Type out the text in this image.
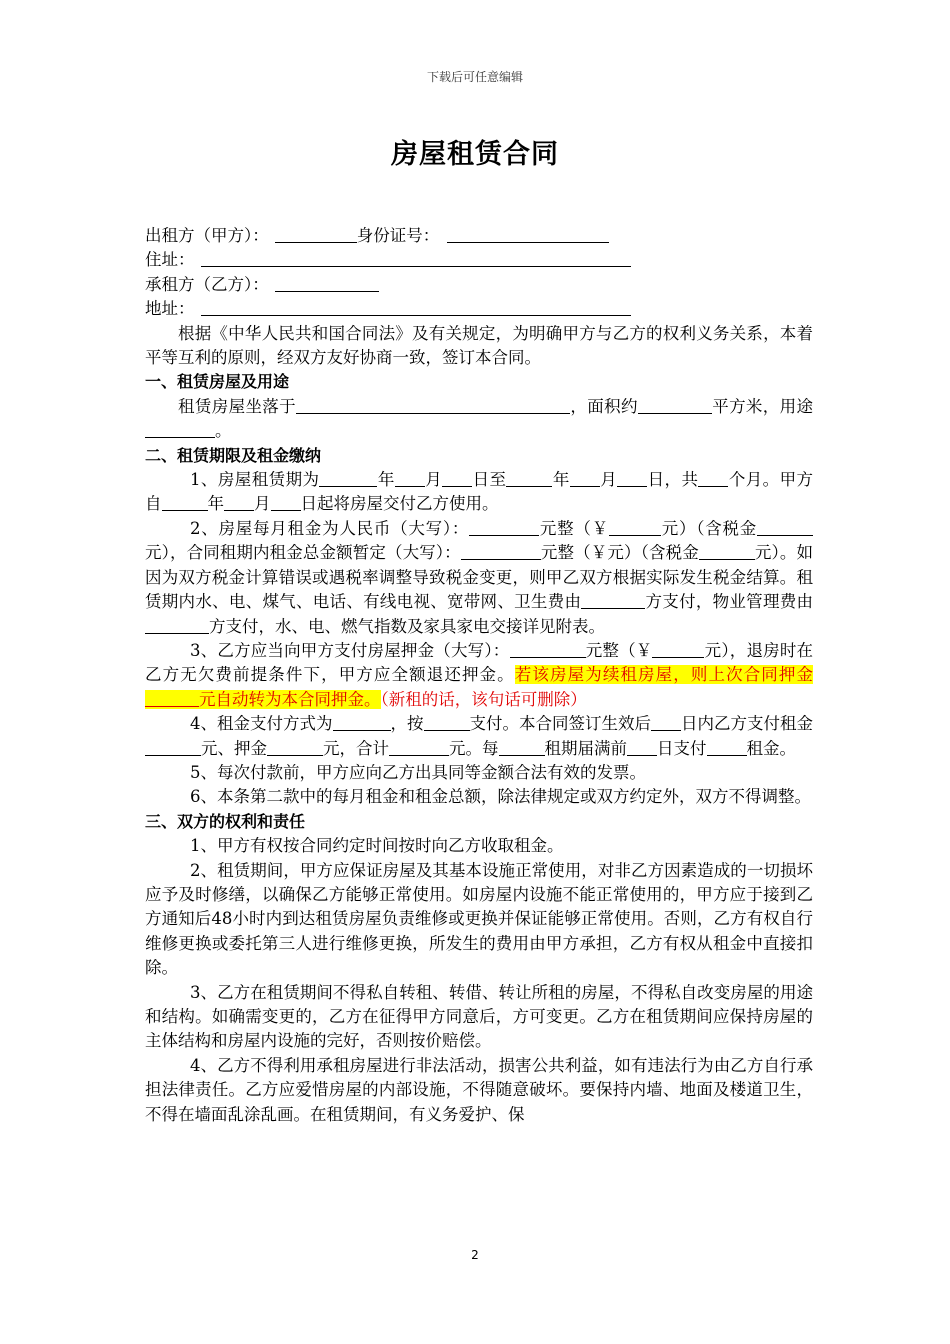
下载后可任意编辑
房屋租赁合同
出租方（甲方）：	身份证号：
住址：
承租方（乙方）：
地址：

根据《中华人民共和国合同法》及有关规定，为明确甲方与乙方的权利义务关系，本着平等互利的原则，经双方友好协商一致，签订本合同。

一、租赁房屋及用途

租赁房屋坐落于	，面积约	平方米，用途。

二、租赁期限及租金缴纳

1、房屋租赁期为	年 月 日至	年 月 日，共 个月。甲方自	年 月 日起将房屋交付乙方使用。

2、房屋每月租金为人民币（大写）：	元整（￥	元）（含税金元），合同租期内租金总金额暂定（大写）：	元整（￥元）（含税金	元）。如因为双方税金计算错误或遇税率调整导致税金变更，则甲乙双方根据实际发生税金结算。租赁期内水、电、煤气、电话、有线电视、宽带网、卫生费由	方支付，物业管理费由方支付，水、电、燃气指数及家具家电交接详见附表。

3、乙方应当向甲方支付房屋押金（大写）：	元整（￥	元），退房时在乙方无欠费前提条件下，甲方应全额退还押金。若该房屋为续租房屋，则上次合同押金元自动转为本合同押金。（新租的话，该句话可删除）

4、租金支付方式为	，按	支付。本合同签订生效后 日内乙方支付租金元、押金	元，合计	元。每	租期届满前 日支付 租金。

5、每次付款前，甲方应向乙方出具同等金额合法有效的发票。

6、本条第二款中的每月租金和租金总额，除法律规定或双方约定外，双方不得调整。

三、双方的权利和责任

1、甲方有权按合同约定时间按时向乙方收取租金。

2、租赁期间，甲方应保证房屋及其基本设施正常使用，对非乙方因素造成的一切损坏应予及时修缮，以确保乙方能够正常使用。如房屋内设施不能正常使用的，甲方应于接到乙方通知后48小时内到达租赁房屋负责维修或更换并保证能够正常使用。否则，乙方有权自行维修更换或委托第三人进行维修更换，所发生的费用由甲方承担，乙方有权从租金中直接扣除。

3、乙方在租赁期间不得私自转租、转借、转让所租的房屋，不得私自改变房屋的用途和结构。如确需变更的，乙方在征得甲方同意后，方可变更。乙方在租赁期间应保持房屋的主体结构和房屋内设施的完好，否则按价赔偿。

4、乙方不得利用承租房屋进行非法活动，损害公共利益，如有违法行为由乙方自行承担法律责任。乙方应爱惜房屋的内部设施，不得随意破坏。要保持内墙、地面及楼道卫生，不得在墙面乱涂乱画。在租赁期间，有义务爱护、保

2
